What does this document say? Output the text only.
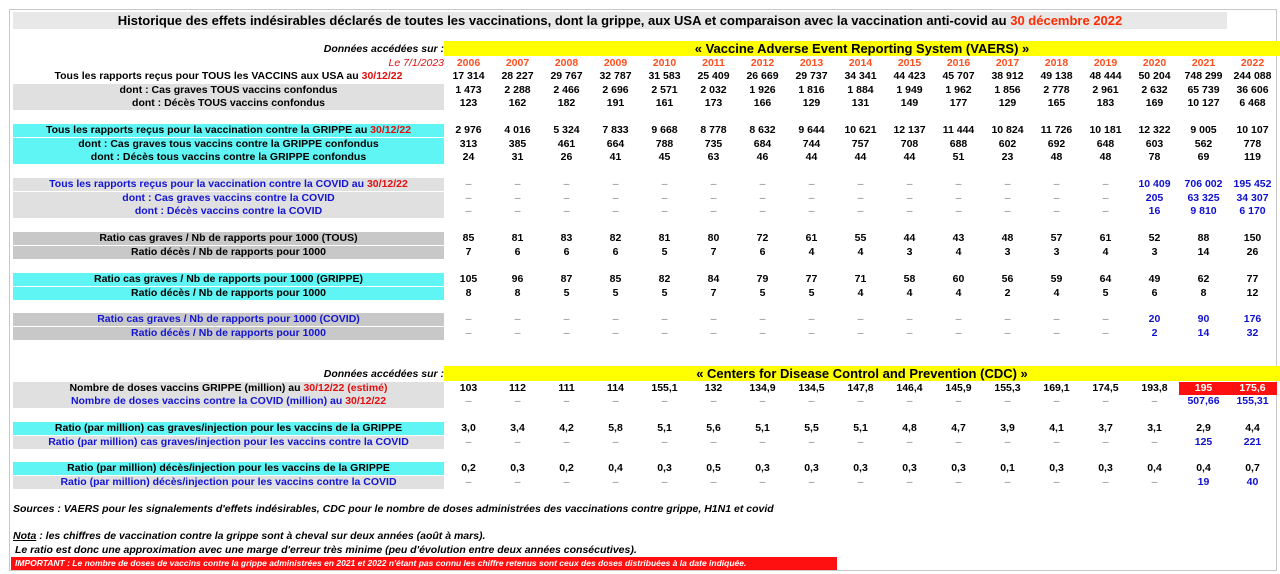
Historique des effets indésirables déclarés de toutes les vaccinations, dont la grippe, aux USA et comparaison avec la vaccination anti-covid au 30 décembre 2022
Données accédées sur :	« Vaccine Adverse Event Reporting System (VAERS) »
Le 7/1/2023	2006	2007	2008	2009	2010	2011	2012	2013	2014	2015	2016	2017	2018	2019	2020	2021	2022
Tous les rapports reçus pour TOUS les VACCINS aux USA au 30/12/22	17 314	28 227	29 767	32 787	31 583	25 409	26 669	29 737	34 341	44 423	45 707	38 912	49 138	48 444	50 204	748 299	244 088
dont : Cas graves TOUS vaccins confondus	1 473	2 288	2 466	2 696	2 571	2 032	1 926	1 816	1 884	1 949	1 962	1 856	2 778	2 961	2 632	65 739	36 606
dont : Décès TOUS vaccins confondus	123	162	182	191	161	173	166	129	131	149	177	129	165	183	169	10 127	6 468
Tous les rapports reçus pour la vaccination contre la GRIPPE au 30/12/22	2 976	4 016	5 324	7 833	9 668	8 778	8 632	9 644	10 621	12 137	11 444	10 824	11 726	10 181	12 322	9 005	10 107
dont : Cas graves tous vaccins contre la GRIPPE confondus	313	385	461	664	788	735	684	744	757	708	688	602	692	648	603	562	778
dont : Décès tous vaccins contre la GRIPPE confondus	24	31	26	41	45	63	46	44	44	44	51	23	48	48	78	69	119
Tous les rapports reçus pour la vaccination contre la COVID au 30/12/22	–	–	–	–	–	–	–	–	–	–	–	–	–	–	10 409	706 002	195 452
dont : Cas graves vaccins contre la COVID	–	–	–	–	–	–	–	–	–	–	–	–	–	–	205	63 325	34 307
dont : Décès vaccins contre la COVID	–	–	–	–	–	–	–	–	–	–	–	–	–	–	16	9 810	6 170
Ratio cas graves / Nb de rapports pour 1000 (TOUS)	85	81	83	82	81	80	72	61	55	44	43	48	57	61	52	88	150
Ratio décès / Nb de rapports pour 1000	7	6	6	6	5	7	6	4	4	3	4	3	3	4	3	14	26
Ratio cas graves / Nb de rapports pour 1000 (GRIPPE)	105	96	87	85	82	84	79	77	71	58	60	56	59	64	49	62	77
Ratio décès / Nb de rapports pour 1000	8	8	5	5	5	7	5	5	4	4	4	2	4	5	6	8	12
Ratio cas graves / Nb de rapports pour 1000 (COVID)	–	–	–	–	–	–	–	–	–	–	–	–	–	–	20	90	176
Ratio décès / Nb de rapports pour 1000	–	–	–	–	–	–	–	–	–	–	–	–	–	–	2	14	32
Données accédées sur :	« Centers for Disease Control and Prevention (CDC) »
Nombre de doses vaccins GRIPPE (million) au 30/12/22 (estimé)	103	112	111	114	155,1	132	134,9	134,5	147,8	146,4	145,9	155,3	169,1	174,5	193,8	195	175,6
Nombre de doses vaccins contre la COVID (million) au 30/12/22	–	–	–	–	–	–	–	–	–	–	–	–	–	–	–	507,66	155,31
Ratio (par million) cas graves/injection pour les vaccins de la GRIPPE	3,0	3,4	4,2	5,8	5,1	5,6	5,1	5,5	5,1	4,8	4,7	3,9	4,1	3,7	3,1	2,9	4,4
Ratio (par million) cas graves/injection pour les vaccins contre la COVID	–	–	–	–	–	–	–	–	–	–	–	–	–	–	–	125	221
Ratio (par million) décès/injection pour les vaccins de la GRIPPE	0,2	0,3	0,2	0,4	0,3	0,5	0,3	0,3	0,3	0,3	0,3	0,1	0,3	0,3	0,4	0,4	0,7
Ratio (par million) décès/injection pour les vaccins contre la COVID	–	–	–	–	–	–	–	–	–	–	–	–	–	–	–	19	40
Sources : VAERS pour les signalements d'effets indésirables, CDC pour le nombre de doses administrées des vaccinations contre grippe, H1N1 et covid
Nota : les chiffres de vaccination contre la grippe sont à cheval sur deux années (août à mars).
Le ratio est donc une approximation avec une marge d'erreur très minime (peu d'évolution entre deux années consécutives).
IMPORTANT : Le nombre de doses de vaccins contre la grippe administrées en 2021 et 2022 n'étant pas connu les chiffre retenus sont ceux des doses distribuées à la date indiquée.
